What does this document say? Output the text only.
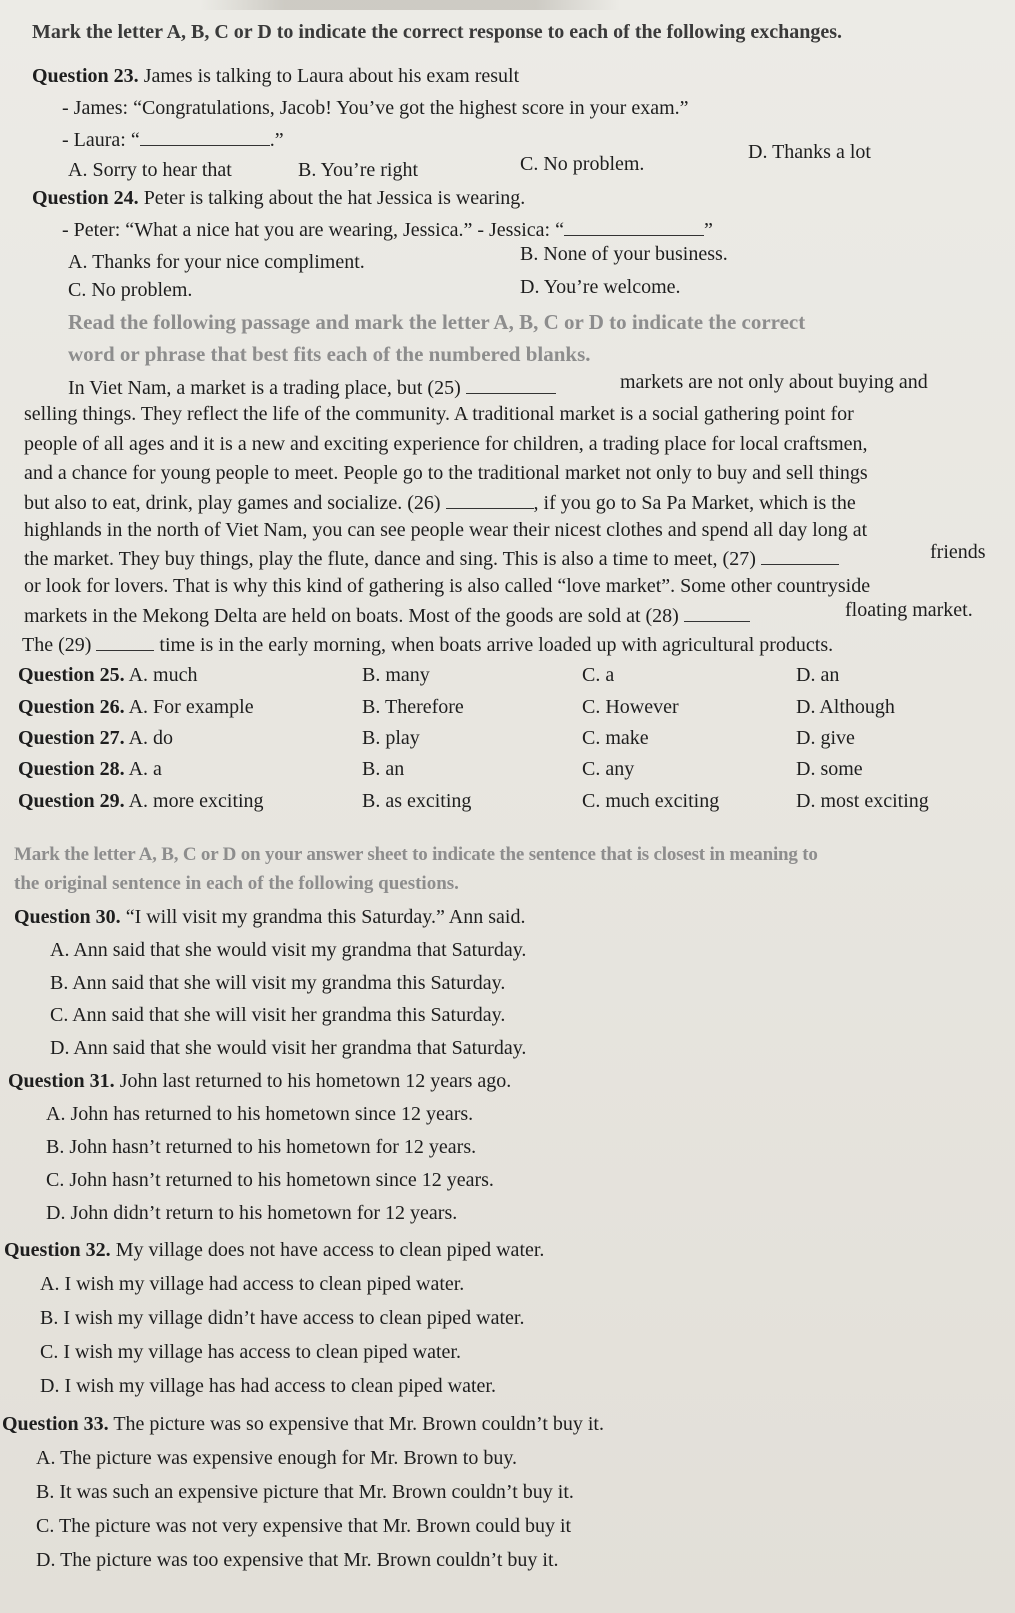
Mark the letter A, B, C or D to indicate the correct response to each of the following exchanges.
Question 23. James is talking to Laura about his exam result
- James: “Congratulations, Jacob! You’ve got the highest score in your exam.”
- Laura: “	.”
A. Sorry to hear that	B. You’re right	C. No problem.
D. Thanks a lot
Question 24. Peter is talking about the hat Jessica is wearing.
- Peter: “What a nice hat you are wearing, Jessica.” - Jessica: “	”
A. Thanks for your nice compliment.	B. None of your business.
C. No problem.	D. You’re welcome.
Read the following passage and mark the letter A, B, C or D to indicate the correct
word or phrase that best fits each of the numbered blanks.
In Viet Nam, a market is a trading place, but (25)	markets are not only about buying and
selling things. They reflect the life of the community. A traditional market is a social gathering point for
people of all ages and it is a new and exciting experience for children, a trading place for local craftsmen,
and a chance for young people to meet. People go to the traditional market not only to buy and sell things
but also to eat, drink, play games and socialize. (26)	, if you go to Sa Pa Market, which is the
highlands in the north of Viet Nam, you can see people wear their nicest clothes and spend all day long at
the market. They buy things, play the flute, dance and sing. This is also a time to meet, (27)	friends
or look for lovers. That is why this kind of gathering is also called “love market”. Some other countryside
markets in the Mekong Delta are held on boats. Most of the goods are sold at (28)	floating market.
The (29)	time is in the early morning, when boats arrive loaded up with agricultural products.
Question 25. A. much	B. many	C. a	D. an
Question 26. A. For example	B. Therefore	C. However	D. Although
Question 27. A. do	B. play	C. make	D. give
Question 28. A. a	B. an	C. any	D. some
Question 29. A. more exciting	B. as exciting	C. much exciting	D. most exciting
Mark the letter A, B, C or D on your answer sheet to indicate the sentence that is closest in meaning to
the original sentence in each of the following questions.
Question 30. “I will visit my grandma this Saturday.” Ann said.
A. Ann said that she would visit my grandma that Saturday.
B. Ann said that she will visit my grandma this Saturday.
C. Ann said that she will visit her grandma this Saturday.
D. Ann said that she would visit her grandma that Saturday.
Question 31. John last returned to his hometown 12 years ago.
A. John has returned to his hometown since 12 years.
B. John hasn’t returned to his hometown for 12 years.
C. John hasn’t returned to his hometown since 12 years.
D. John didn’t return to his hometown for 12 years.
Question 32. My village does not have access to clean piped water.
A. I wish my village had access to clean piped water.
B. I wish my village didn’t have access to clean piped water.
C. I wish my village has access to clean piped water.
D. I wish my village has had access to clean piped water.
Question 33. The picture was so expensive that Mr. Brown couldn’t buy it.
A. The picture was expensive enough for Mr. Brown to buy.
B. It was such an expensive picture that Mr. Brown couldn’t buy it.
C. The picture was not very expensive that Mr. Brown could buy it
D. The picture was too expensive that Mr. Brown couldn’t buy it.
